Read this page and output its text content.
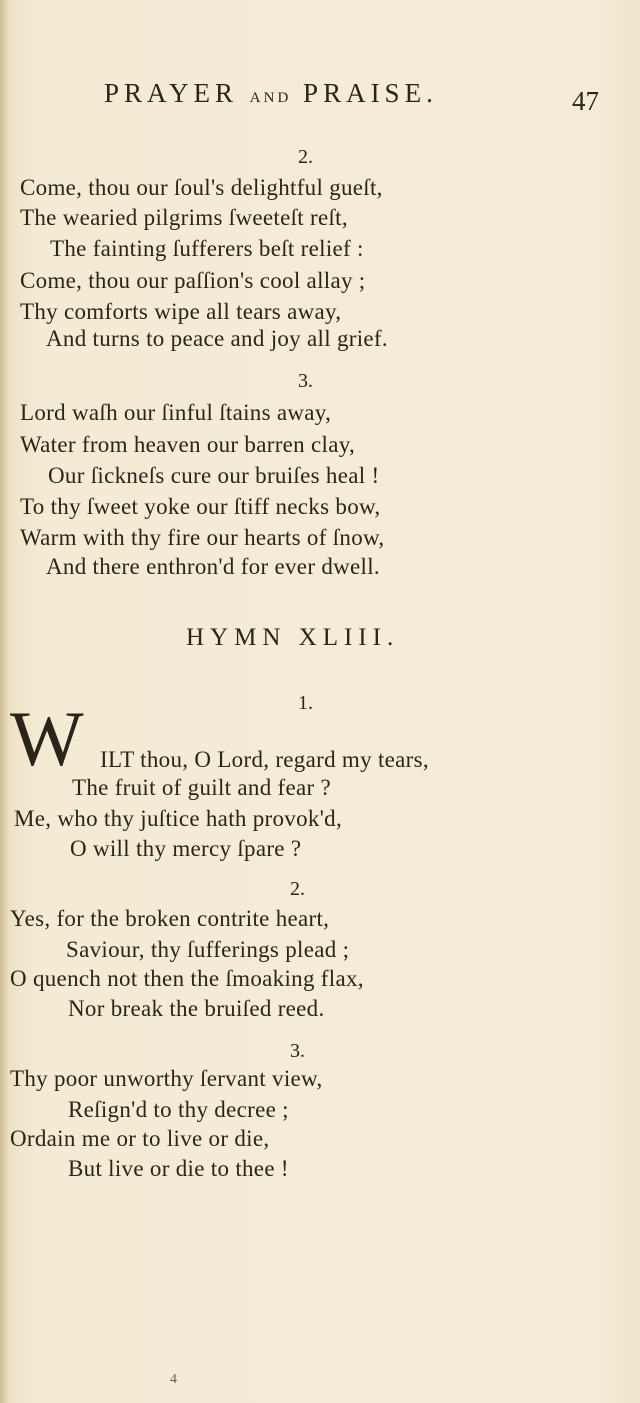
PRAYER AND PRAISE.	47
2.
Come, thou our ſoul's delightful gueſt,
The wearied pilgrims ſweeteſt reſt,
The fainting ſufferers beſt relief :
Come, thou our paſſion's cool allay ;
Thy comforts wipe all tears away,
And turns to peace and joy all grief.
3.
Lord waſh our ſinful ſtains away,
Water from heaven our barren clay,
Our ſickneſs cure our bruiſes heal !
To thy ſweet yoke our ſtiff necks bow,
Warm with thy fire our hearts of ſnow,
And there enthron'd for ever dwell.
HYMN XLIII.
1.
W ILT thou, O Lord, regard my tears,
The fruit of guilt and fear ?
Me, who thy juſtice hath provok'd,
O will thy mercy ſpare ?
2.
Yes, for the broken contrite heart,
Saviour, thy ſufferings plead ;
O quench not then the ſmoaking flax,
Nor break the bruiſed reed.
3.
Thy poor unworthy ſervant view,
Reſign'd to thy decree ;
Ordain me or to live or die,
But live or die to thee !
4
